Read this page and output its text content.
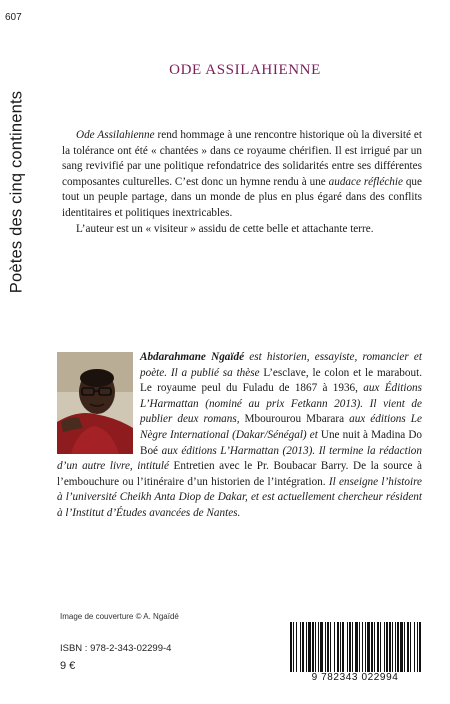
607
Poètes des cinq continents
ODE ASSILAHIENNE

Ode Assilahienne rend hommage à une rencontre historique où la diversité et la tolérance ont été « chantées » dans ce royaume chérifien. Il est irrigué par un sang revivifié par une politique refondatrice des solidarités entre ses différentes composantes culturelles. C’est donc un hymne rendu à une audace réfléchie que tout un peuple partage, dans un monde de plus en plus égaré dans des conflits identitaires et politiques inextricables.

L’auteur est un « visiteur » assidu de cette belle et attachante terre.

Abdarahmane Ngaïdé est historien, essayiste, romancier et poète. Il a publié sa thèse L’esclave, le colon et le marabout. Le royaume peul du Fuladu de 1867 à 1936, aux Éditions L’Harmattan (nominé au prix Fetkann 2013). Il vient de publier deux romans, Mbourourou Mbarara aux éditions Le Nègre International (Dakar/Sénégal) et Une nuit à Madina Do Boé aux éditions L’Harmattan (2013). Il termine la rédaction d’un autre livre, intitulé Entretien avec le Pr. Boubacar Barry. De la source à l’embouchure ou l’itinéraire d’un historien de l’intégration. Il enseigne l’histoire à l’université Cheikh Anta Diop de Dakar, et est actuellement chercheur résident à l’Institut d’Études avancées de Nantes.
Image de couverture © A. Ngaïdé
ISBN : 978-2-343-02299-4
9 €
9 782343 022994
